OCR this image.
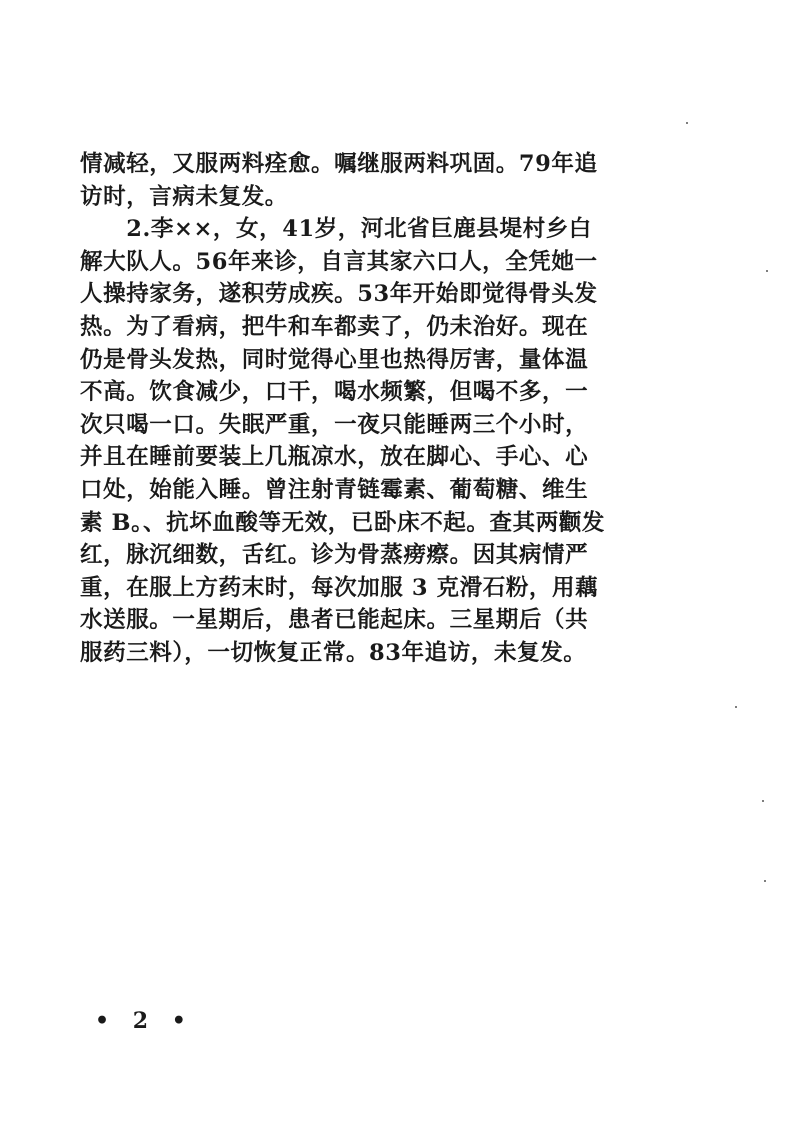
情减轻，又服两料痊愈。嘱继服两料巩固。79年追
访时，言病未复发。
　　2.李××，女，41岁，河北省巨鹿县堤村乡白
解大队人。56年来诊，自言其家六口人，全凭她一
人操持家务，遂积劳成疾。53年开始即觉得骨头发
热。为了看病，把牛和车都卖了，仍未治好。现在
仍是骨头发热，同时觉得心里也热得厉害，量体温
不高。饮食减少，口干，喝水频繁，但喝不多，一
次只喝一口。失眠严重，一夜只能睡两三个小时，
并且在睡前要装上几瓶凉水，放在脚心、手心、心
口处，始能入睡。曾注射青链霉素、葡萄糖、维生
素 B。、抗坏血酸等无效，已卧床不起。查其两颧发
红，脉沉细数，舌红。诊为骨蒸痨瘵。因其病情严
重，在服上方药末时，每次加服 3 克滑石粉，用藕
水送服。一星期后，患者已能起床。三星期后（共
服药三料），一切恢复正常。83年追访，未复发。
• 2 •
